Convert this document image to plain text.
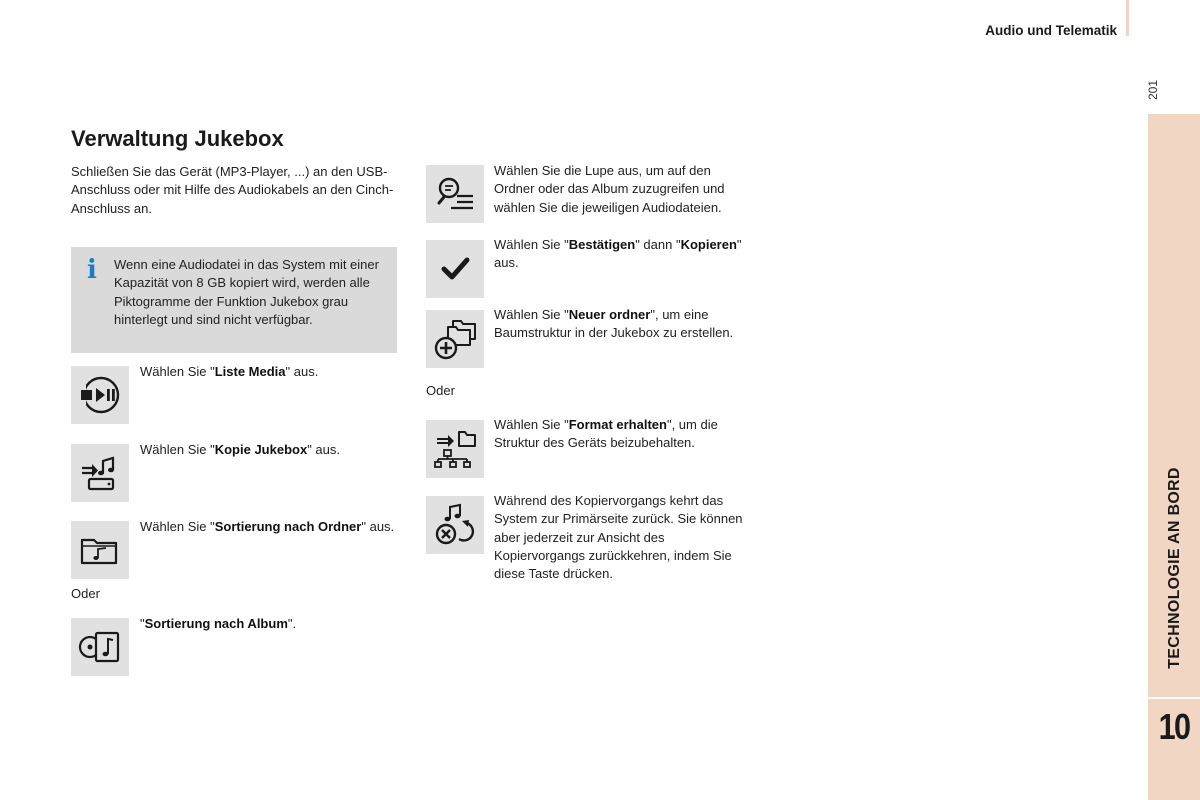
Audio und Telematik
201
TECHNOLOGIE AN BORD
10
Verwaltung Jukebox
Schließen Sie das Gerät (MP3-Player, ...) an den USB-Anschluss oder mit Hilfe des Audiokabels an den Cinch-Anschluss an.
i Wenn eine Audiodatei in das System mit einer Kapazität von 8 GB kopiert wird, werden alle Piktogramme der Funktion Jukebox grau hinterlegt und sind nicht verfügbar.
Wählen Sie "Liste Media" aus.
Wählen Sie "Kopie Jukebox" aus.
Wählen Sie "Sortierung nach Ordner" aus.
Oder
"Sortierung nach Album".
Wählen Sie die Lupe aus, um auf den Ordner oder das Album zuzugreifen und wählen Sie die jeweiligen Audiodateien.
Wählen Sie "Bestätigen" dann "Kopieren" aus.
Wählen Sie "Neuer ordner", um eine Baumstruktur in der Jukebox zu erstellen.
Oder
Wählen Sie "Format erhalten", um die Struktur des Geräts beizubehalten.
Während des Kopiervorgangs kehrt das System zur Primärseite zurück. Sie können aber jederzeit zur Ansicht des Kopiervorgangs zurückkehren, indem Sie diese Taste drücken.
